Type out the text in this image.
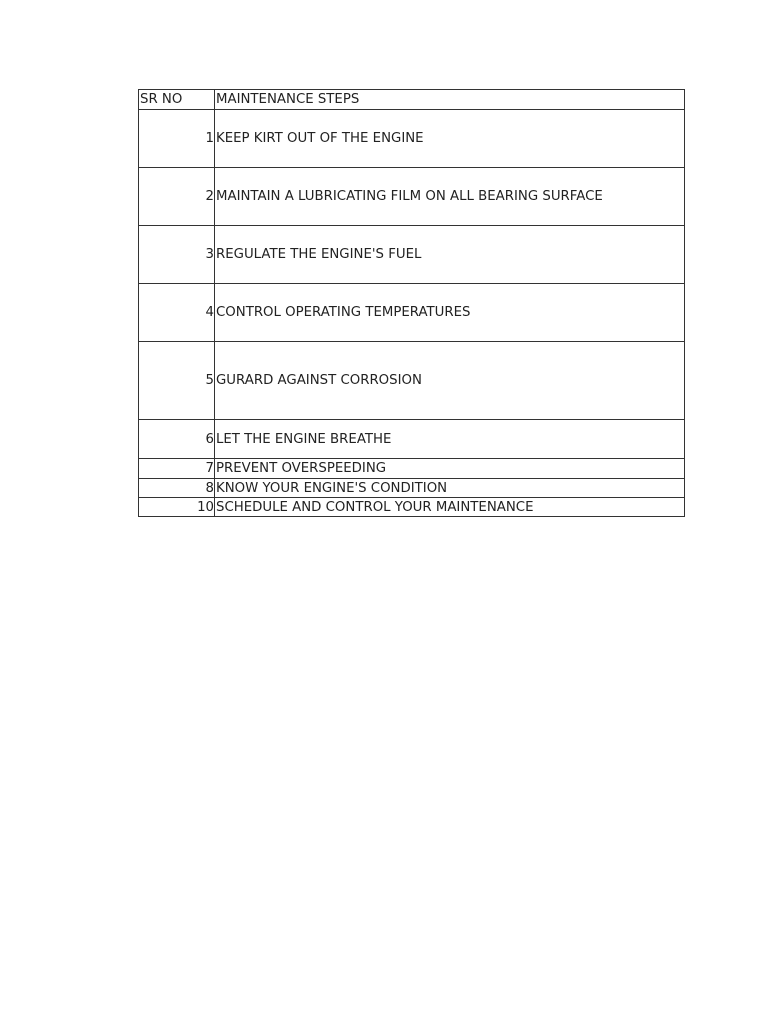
SR NO	MAINTENANCE STEPS
1	KEEP KIRT OUT OF THE ENGINE
2	MAINTAIN A LUBRICATING FILM ON ALL BEARING SURFACE
3	REGULATE THE ENGINE'S FUEL
4	CONTROL OPERATING TEMPERATURES
5	GURARD AGAINST CORROSION
6	LET THE ENGINE BREATHE
7	PREVENT OVERSPEEDING
8	KNOW YOUR ENGINE'S CONDITION
10	SCHEDULE AND CONTROL YOUR MAINTENANCE
